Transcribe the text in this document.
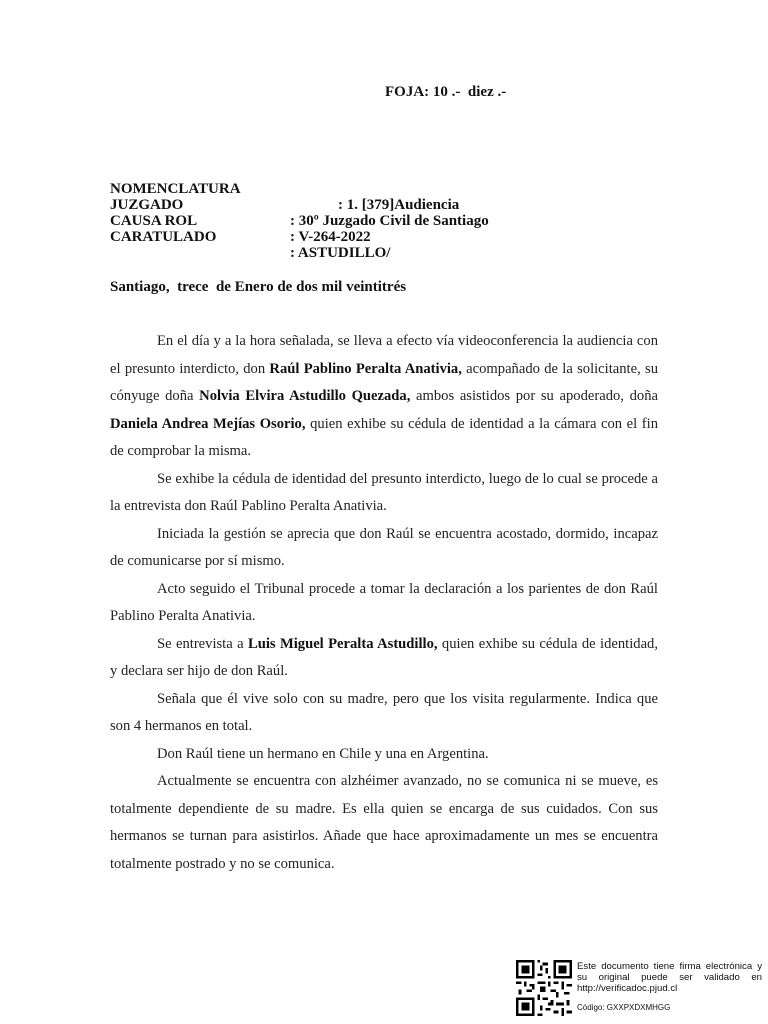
FOJA: 10 .-  diez .-

NOMENCLATURA

: 1. [379]Audiencia

JUZGADO

: 30º Juzgado Civil de Santiago

CAUSA ROL

: V-264-2022

CARATULADO

: ASTUDILLO/

Santiago,  trece  de Enero de dos mil veintitrés

En el día y a la hora señalada, se lleva a efecto vía videoconferencia la audiencia con el presunto interdicto, don Raúl Pablino Peralta Anativia, acompañado de la solicitante, su cónyuge doña Nolvia Elvira Astudillo Quezada, ambos asistidos por su apoderado, doña Daniela Andrea Mejías Osorio, quien exhibe su cédula de identidad a la cámara con el fin de comprobar la misma.

Se exhibe la cédula de identidad del presunto interdicto, luego de lo cual se procede a la entrevista don Raúl Pablino Peralta Anativia.

Iniciada la gestión se aprecia que don Raúl se encuentra acostado, dormido, incapaz de comunicarse por sí mismo.

Acto seguido el Tribunal procede a tomar la declaración a los parientes de don Raúl Pablino Peralta Anativia.

Se entrevista a Luis Miguel Peralta Astudillo, quien exhibe su cédula de identidad, y declara ser hijo de don Raúl.

Señala que él vive solo con su madre, pero que los visita regularmente. Indica que son 4 hermanos en total.

Don Raúl tiene un hermano en Chile y una en Argentina.

Actualmente se encuentra con alzhéimer avanzado, no se comunica ni se mueve, es totalmente dependiente de su madre. Es ella quien se encarga de sus cuidados. Con sus hermanos se turnan para asistirlos. Añade que hace aproximadamente un mes se encuentra totalmente postrado y no se comunica.

Este documento tiene firma electrónica y su original puede ser validado en http://verificadoc.pjud.cl
Código: GXXPXDXMHGG
